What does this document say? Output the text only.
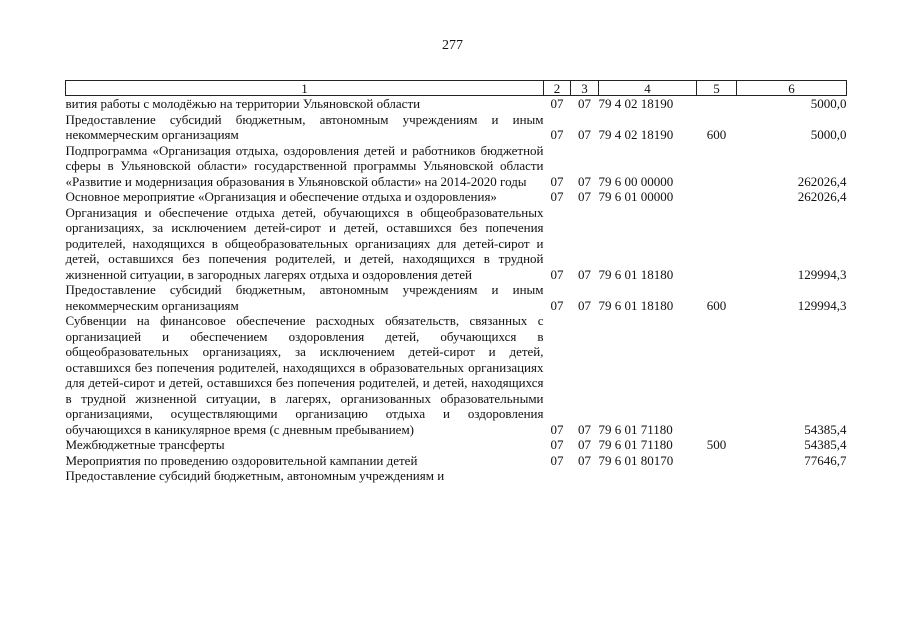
277
1	2	3	4	5	6
вития работы с молодёжью на территории Ульяновской области	07	07	79 4 02 18190		5000,0
Предоставление субсидий бюджетным, автономным учреждениям и иным некоммерческим организациям	07	07	79 4 02 18190	600	5000,0
Подпрограмма «Организация отдыха, оздоровления детей и работников бюджетной сферы в Ульяновской области» государственной программы Ульяновской области «Развитие и модернизация образования в Ульяновской области» на 2014-2020 годы	07	07	79 6 00 00000		262026,4
Основное мероприятие «Организация и обеспечение отдыха и оздоровления»	07	07	79 6 01 00000		262026,4
Организация и обеспечение отдыха детей, обучающихся в общеобразовательных организациях, за исключением детей-сирот и детей, оставшихся без попечения родителей, находящихся в общеобразовательных организациях для детей-сирот и детей, оставшихся без попечения родителей, и детей, находящихся в трудной жизненной ситуации, в загородных лагерях отдыха и оздоровления детей	07	07	79 6 01 18180		129994,3
Предоставление субсидий бюджетным, автономным учреждениям и иным некоммерческим организациям	07	07	79 6 01 18180	600	129994,3
Субвенции на финансовое обеспечение расходных обязательств, связанных с организацией и обеспечением оздоровления детей, обучающихся в общеобразовательных организациях, за исключением детей-сирот и детей, оставшихся без попечения родителей, находящихся в образовательных организациях для детей-сирот и детей, оставшихся без попечения родителей, и детей, находящихся в трудной жизненной ситуации, в лагерях, организованных образовательными организациями, осуществляющими организацию отдыха и оздоровления обучающихся в каникулярное время (с дневным пребыванием)	07	07	79 6 01 71180		54385,4
Межбюджетные трансферты	07	07	79 6 01 71180	500	54385,4
Мероприятия по проведению оздоровительной кампании детей	07	07	79 6 01 80170		77646,7
Предоставление субсидий бюджетным, автономным учреждениям и					
